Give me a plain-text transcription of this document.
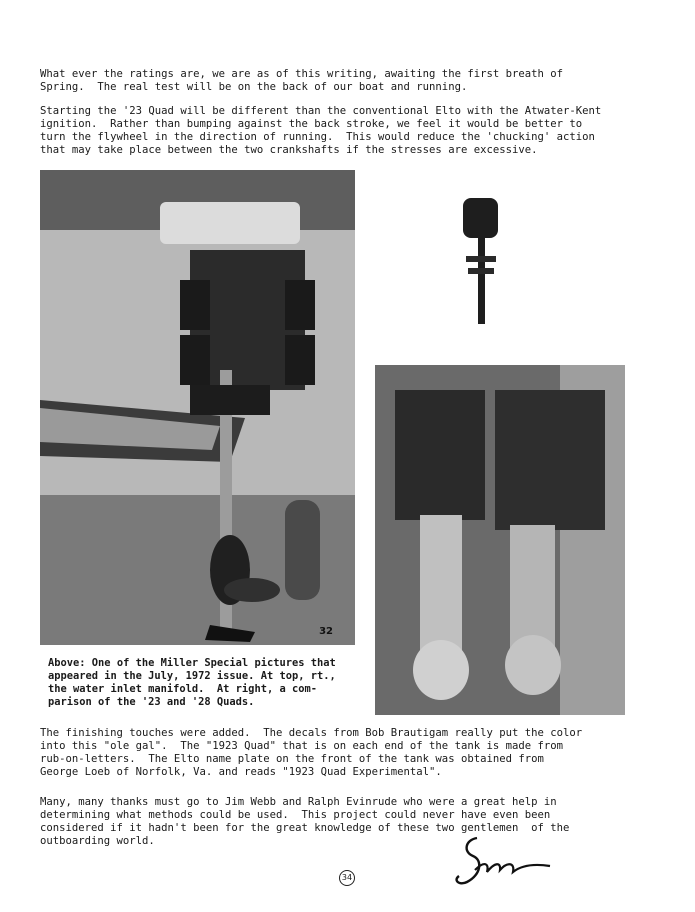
What ever the ratings are, we are as of this writing, awaiting the first breath of
Spring.  The real test will be on the back of our boat and running.
Starting the '23 Quad will be different than the conventional Elto with the Atwater-Kent
ignition.  Rather than bumping against the back stroke, we feel it would be better to
turn the flywheel in the direction of running.  This would reduce the 'chucking' action
that may take place between the two crankshafts if the stresses are excessive.
32
Above: One of the Miller Special pictures that
appeared in the July, 1972 issue. At top, rt.,
the water inlet manifold.  At right, a com-
parison of the '23 and '28 Quads.
The finishing touches were added.  The decals from Bob Brautigam really put the color
into this "ole gal".  The "1923 Quad" that is on each end of the tank is made from
rub-on-letters.  The Elto name plate on the front of the tank was obtained from
George Loeb of Norfolk, Va. and reads "1923 Quad Experimental".
Many, many thanks must go to Jim Webb and Ralph Evinrude who were a great help in
determining what methods could be used.  This project could never have even been
considered if it hadn't been for the great knowledge of these two gentlemen  of the
outboarding world.
34
